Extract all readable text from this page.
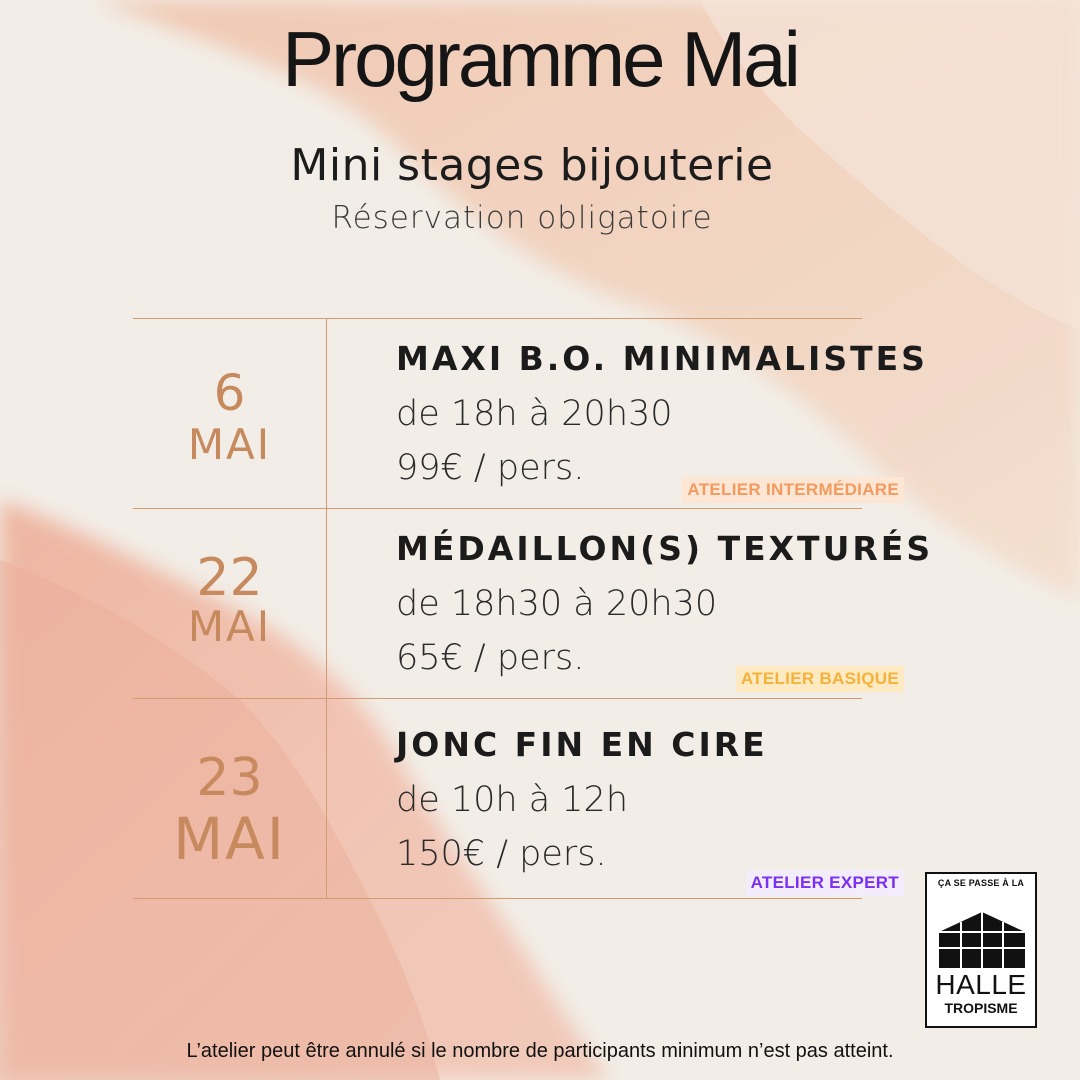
Programme Mai
Mini stages bijouterie
Réservation obligatoire
6
MAI
MAXI B.O. MINIMALISTES
de 18h à 20h30
99€ / pers.
ATELIER INTERMÉDIARE
22
MAI
MÉDAILLON(S) TEXTURÉS
de 18h30 à 20h30
65€ / pers.
ATELIER BASIQUE
23
MAI
JONC FIN EN CIRE
de 10h à 12h
150€ / pers.
ATELIER EXPERT
L’atelier peut être annulé si le nombre de participants minimum n’est pas atteint.
ÇA SE PASSE À LA
HALLE
TROPISME
